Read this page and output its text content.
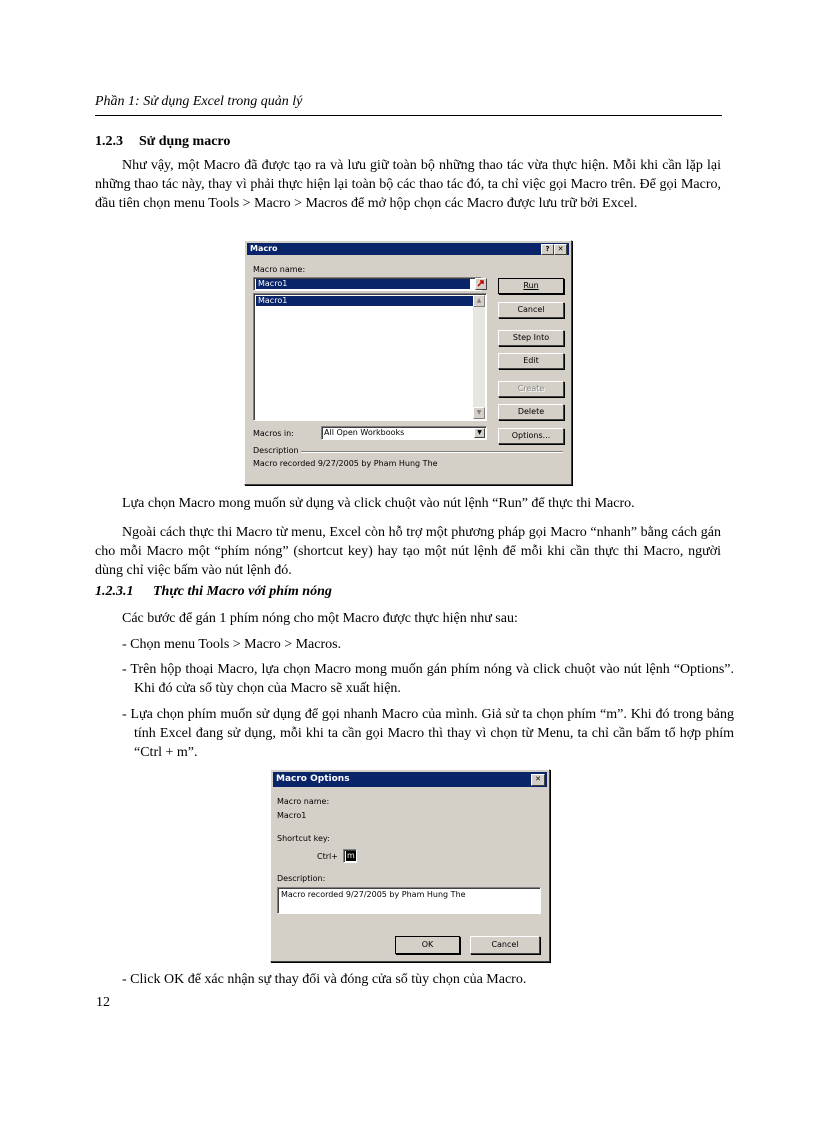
Phần 1: Sử dụng Excel trong quản lý
1.2.3 Sử dụng macro
Như vậy, một Macro đã được tạo ra và lưu giữ toàn bộ những thao tác vừa thực hiện. Mỗi khi cần lặp lại những thao tác này, thay vì phải thực hiện lại toàn bộ các thao tác đó, ta chỉ việc gọi Macro trên. Để gọi Macro, đầu tiên chọn menu Tools > Macro > Macros để mở hộp chọn các Macro được lưu trữ bởi Excel.
Macro	?	✕
Macro name:
Macro1
Macro1	▲
▼
Run
Cancel
Step Into
Edit
Create
Delete
Options...
Macros in:	All Open Workbooks	▼
Description
Macro recorded 9/27/2005 by Pham Hung The
Lựa chọn Macro mong muốn sử dụng và click chuột vào nút lệnh “Run” để thực thi Macro.
Ngoài cách thực thi Macro từ menu, Excel còn hỗ trợ một phương pháp gọi Macro “nhanh” bằng cách gán cho mỗi Macro một “phím nóng” (shortcut key) hay tạo một nút lệnh để mỗi khi cần thực thi Macro, người dùng chỉ việc bấm vào nút lệnh đó.
1.2.3.1 Thực thi Macro với phím nóng
Các bước để gán 1 phím nóng cho một Macro được thực hiện như sau:
- Chọn menu Tools > Macro > Macros.
- Trên hộp thoại Macro, lựa chọn Macro mong muốn gán phím nóng và click chuột vào nút lệnh “Options”. Khi đó cửa sổ tùy chọn của Macro sẽ xuất hiện.
- Lựa chọn phím muốn sử dụng để gọi nhanh Macro của mình. Giả sử ta chọn phím “m”. Khi đó trong bảng tính Excel đang sử dụng, mỗi khi ta cần gọi Macro thì thay vì chọn từ Menu, ta chỉ cần bấm tổ hợp phím “Ctrl + m”.
Macro Options	✕
Macro name:
Macro1
Shortcut key:
Ctrl+ m
Description:
Macro recorded 9/27/2005 by Pham Hung The
OK	Cancel
- Click OK để xác nhận sự thay đổi và đóng cửa sổ tùy chọn của Macro.
12
